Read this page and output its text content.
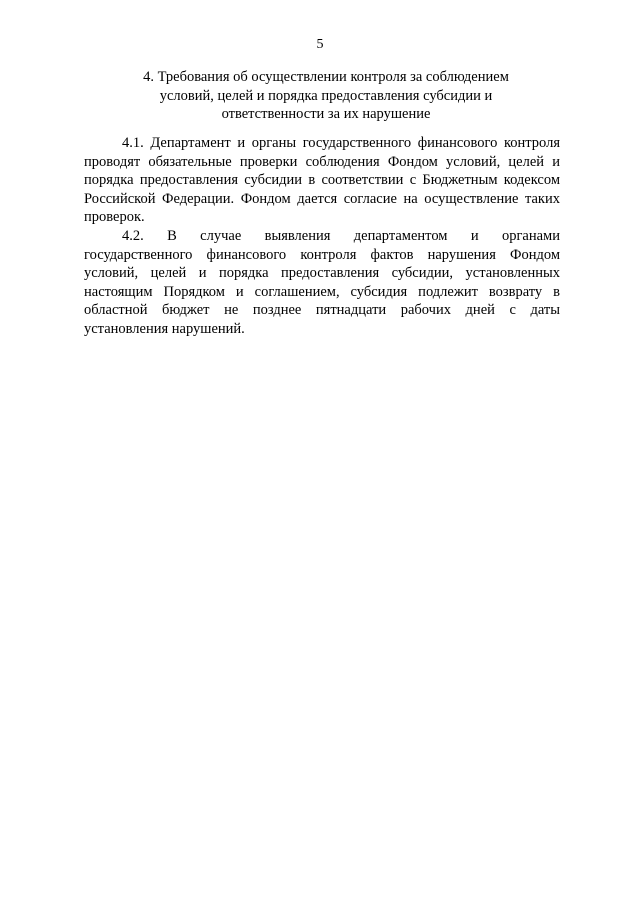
5
4. Требования об осуществлении контроля за соблюдением
условий, целей и порядка предоставления субсидии и
ответственности за их нарушение
4.1. Департамент и органы государственного финансового контроля
проводят обязательные проверки соблюдения Фондом условий, целей и
порядка предоставления субсидии в соответствии с Бюджетным кодексом
Российской Федерации. Фондом дается согласие на осуществление таких
проверок.
4.2. В случае выявления департаментом и органами
государственного финансового контроля фактов нарушения Фондом
условий, целей и порядка предоставления субсидии, установленных
настоящим Порядком и соглашением, субсидия подлежит возврату в
областной бюджет не позднее пятнадцати рабочих дней с даты
установления нарушений.
